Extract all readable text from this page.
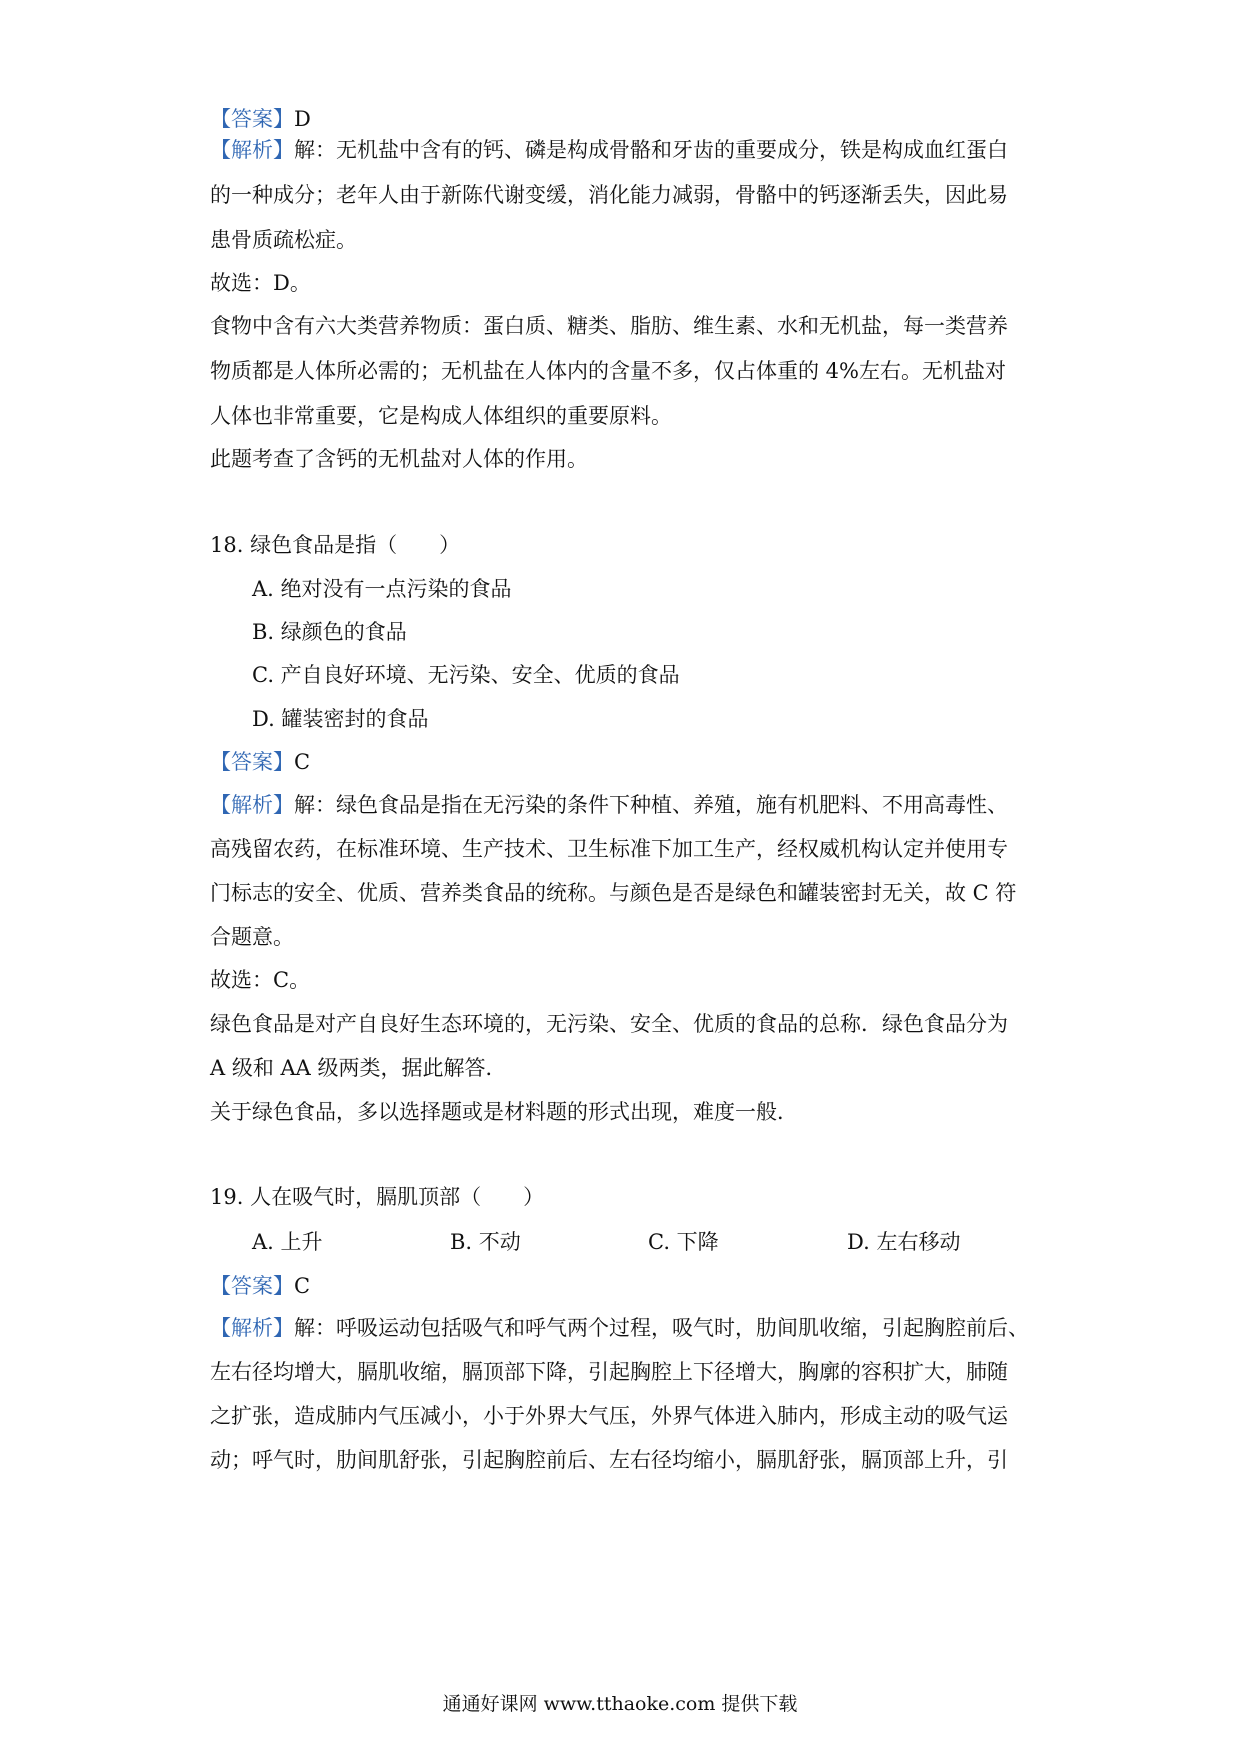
【答案】D
【解析】解：无机盐中含有的钙、磷是构成骨骼和牙齿的重要成分，铁是构成血红蛋白
的一种成分；老年人由于新陈代谢变缓，消化能力减弱，骨骼中的钙逐渐丢失，因此易
患骨质疏松症。
故选：D。
食物中含有六大类营养物质：蛋白质、糖类、脂肪、维生素、水和无机盐，每一类营养
物质都是人体所必需的；无机盐在人体内的含量不多，仅占体重的 4%左右。无机盐对
人体也非常重要，它是构成人体组织的重要原料。
此题考查了含钙的无机盐对人体的作用。
18. 绿色食品是指（　　）
A. 绝对没有一点污染的食品
B. 绿颜色的食品
C. 产自良好环境、无污染、安全、优质的食品
D. 罐装密封的食品
【答案】C
【解析】解：绿色食品是指在无污染的条件下种植、养殖，施有机肥料、不用高毒性、
高残留农药，在标准环境、生产技术、卫生标准下加工生产，经权威机构认定并使用专
门标志的安全、优质、营养类食品的统称。与颜色是否是绿色和罐装密封无关，故 C 符
合题意。
故选：C。
绿色食品是对产自良好生态环境的，无污染、安全、优质的食品的总称．绿色食品分为
A 级和 AA 级两类，据此解答．
关于绿色食品，多以选择题或是材料题的形式出现，难度一般．
19. 人在吸气时，膈肌顶部（　　）
A. 上升	B. 不动	C. 下降	D. 左右移动
【答案】C
【解析】解：呼吸运动包括吸气和呼气两个过程，吸气时，肋间肌收缩，引起胸腔前后、
左右径均增大，膈肌收缩，膈顶部下降，引起胸腔上下径增大，胸廓的容积扩大，肺随
之扩张，造成肺内气压减小，小于外界大气压，外界气体进入肺内，形成主动的吸气运
动；呼气时，肋间肌舒张，引起胸腔前后、左右径均缩小，膈肌舒张，膈顶部上升，引
通通好课网 www.tthaoke.com 提供下载
